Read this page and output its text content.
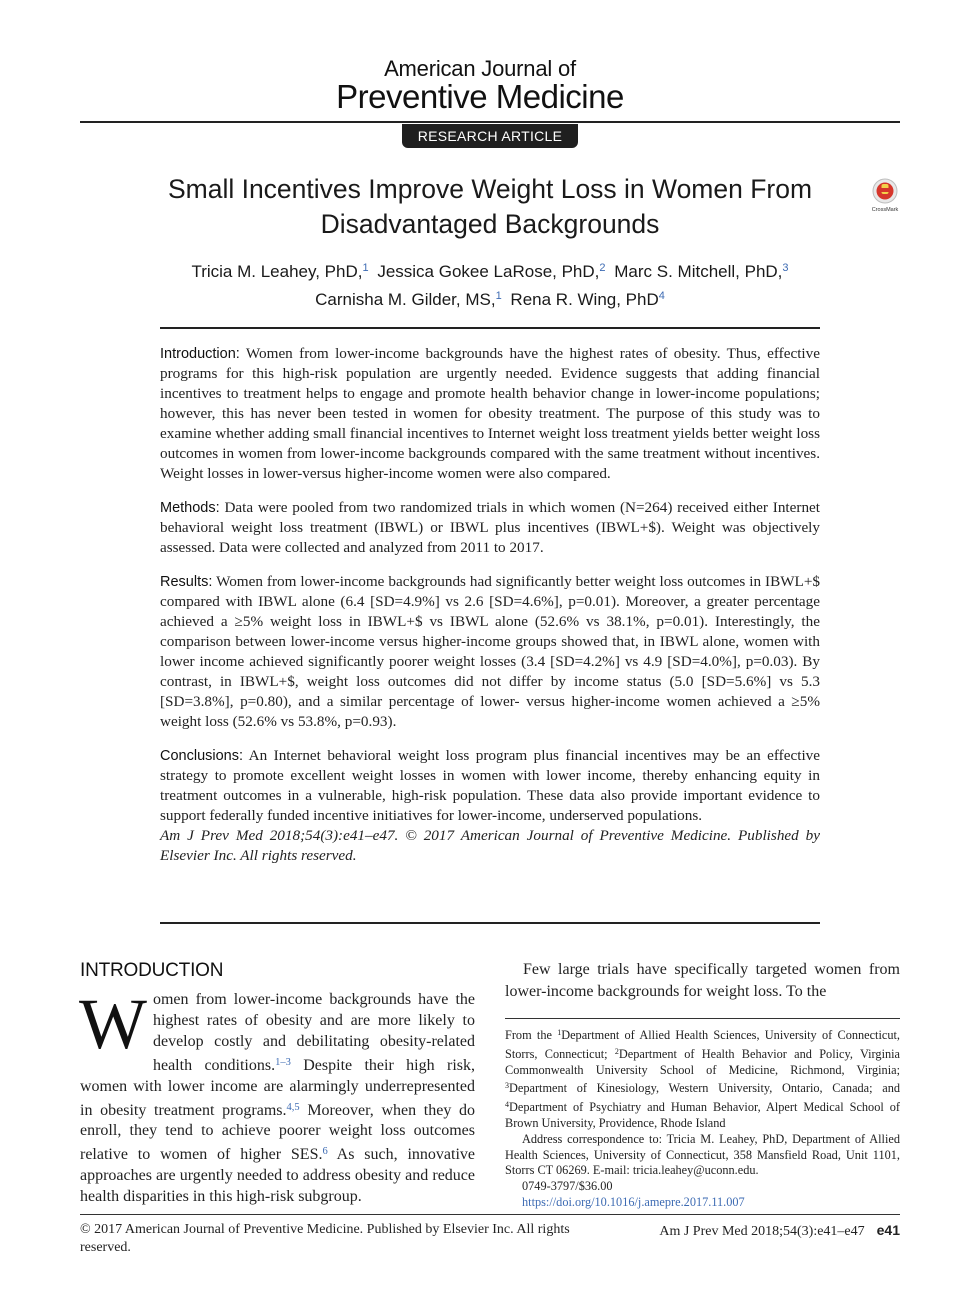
American Journal of
Preventive Medicine
RESEARCH ARTICLE
Small Incentives Improve Weight Loss in Women From Disadvantaged Backgrounds	CrossMark
Tricia M. Leahey, PhD,$^1$ Jessica Gokee LaRose, PhD,$^2$ Marc S. Mitchell, PhD,$^3$
Carnisha M. Gilder, MS,$^1$ Rena R. Wing, PhD$^4$

Introduction: Women from lower-income backgrounds have the highest rates of obesity. Thus, effective programs for this high-risk population are urgently needed. Evidence suggests that adding financial incentives to treatment helps to engage and promote health behavior change in lower-income populations; however, this has never been tested in women for obesity treatment. The purpose of this study was to examine whether adding small financial incentives to Internet weight loss treatment yields better weight loss outcomes in women from lower-income backgrounds compared with the same treatment without incentives. Weight losses in lower-versus higher-income women were also compared.

Methods: Data were pooled from two randomized trials in which women (N=264) received either Internet behavioral weight loss treatment (IBWL) or IBWL plus incentives (IBWL+$). Weight was objectively assessed. Data were collected and analyzed from 2011 to 2017.

Results: Women from lower-income backgrounds had significantly better weight loss outcomes in IBWL+$ compared with IBWL alone (6.4 [SD=4.9%] vs 2.6 [SD=4.6%], p=0.01). Moreover, a greater percentage achieved a ≥5% weight loss in IBWL+$ vs IBWL alone (52.6% vs 38.1%, p=0.01). Interestingly, the comparison between lower-income versus higher-income groups showed that, in IBWL alone, women with lower income achieved significantly poorer weight losses (3.4 [SD=4.2%] vs 4.9 [SD=4.0%], p=0.03). By contrast, in IBWL+$, weight loss outcomes did not differ by income status (5.0 [SD=5.6%] vs 5.3 [SD=3.8%], p=0.80), and a similar percentage of lower- versus higher-income women achieved a ≥5% weight loss (52.6% vs 53.8%, p=0.93).

Conclusions: An Internet behavioral weight loss program plus financial incentives may be an effective strategy to promote excellent weight losses in women with lower income, thereby enhancing equity in treatment outcomes in a vulnerable, high-risk population. These data also provide important evidence to support federally funded incentive initiatives for lower-income, underserved populations.

Am J Prev Med 2018;54(3):e41–e47. © 2017 American Journal of Preventive Medicine. Published by Elsevier Inc. All rights reserved.

INTRODUCTION
Women from lower-income backgrounds have the highest rates of obesity and are more likely to develop costly and debilitating obesity-related health conditions.$^{1-3}$ Despite their high risk, women with lower income are alarmingly underrepresented in obesity treatment programs.$^{4,5}$ Moreover, when they do enroll, they tend to achieve poorer weight loss outcomes relative to women of higher SES.$^6$ As such, innovative approaches are urgently needed to address obesity and reduce health disparities in this high-risk subgroup.
Few large trials have specifically targeted women from lower-income backgrounds for weight loss. To the

From the $^1$Department of Allied Health Sciences, University of Connecticut, Storrs, Connecticut; $^2$Department of Health Behavior and Policy, Virginia Commonwealth University School of Medicine, Richmond, Virginia; $^3$Department of Kinesiology, Western University, Ontario, Canada; and $^4$Department of Psychiatry and Human Behavior, Alpert Medical School of Brown University, Providence, Rhode Island

Address correspondence to: Tricia M. Leahey, PhD, Department of Allied Health Sciences, University of Connecticut, 358 Mansfield Road, Unit 1101, Storrs CT 06269. E-mail: tricia.leahey@uconn.edu.

0749-3797/$36.00

https://doi.org/10.1016/j.amepre.2017.11.007

© 2017 American Journal of Preventive Medicine. Published by Elsevier Inc. All rights reserved.
Am J Prev Med 2018;54(3):e41–e47 e41
